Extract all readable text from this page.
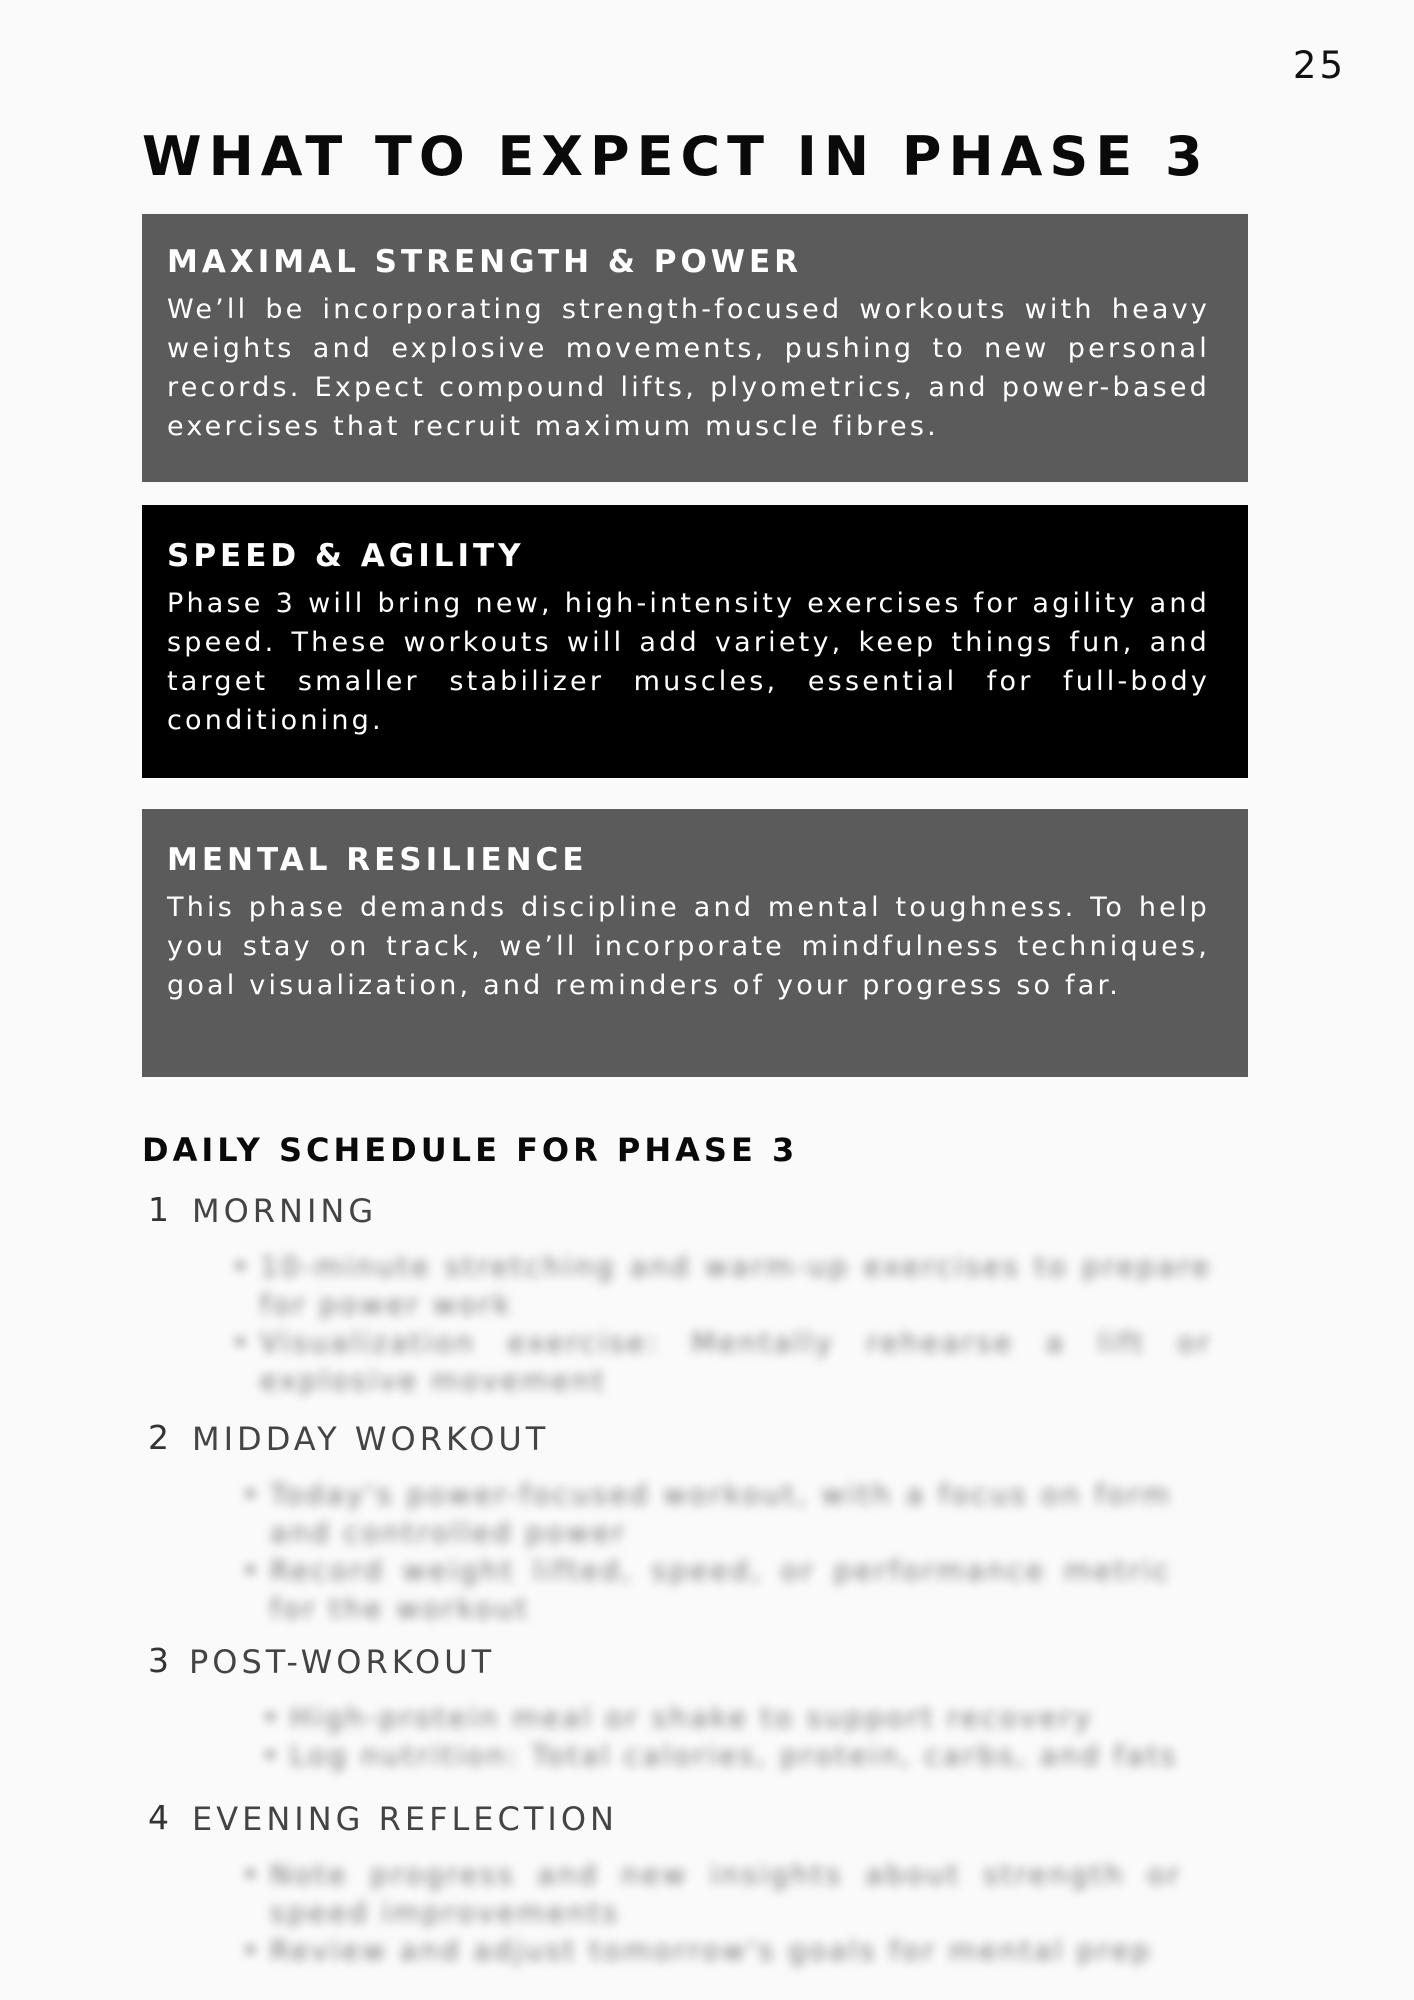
25
WHAT TO EXPECT IN PHASE 3
MAXIMAL STRENGTH & POWER

We’ll be incorporating strength-focused workouts with heavy weights and explosive movements, pushing to new personal records. Expect compound lifts, plyometrics, and power-based exercises that recruit maximum muscle fibres.

SPEED & AGILITY

Phase 3 will bring new, high-intensity exercises for agility and speed. These workouts will add variety, keep things fun, and target smaller stabilizer muscles, essential for full-body conditioning.

MENTAL RESILIENCE

This phase demands discipline and mental toughness. To help you stay on track, we’ll incorporate mindfulness techniques, goal visualization, and reminders of your progress so far.

DAILY SCHEDULE FOR PHASE 3
1 MORNING
• 10-minute stretching and warm-up exercises to prepare for power work
• Visualization exercise: Mentally rehearse a lift or explosive movement
2 MIDDAY WORKOUT
• Today's power-focused workout, with a focus on form and controlled power
• Record weight lifted, speed, or performance metric for the workout
3 POST-WORKOUT
• High-protein meal or shake to support recovery
• Log nutrition: Total calories, protein, carbs, and fats
4 EVENING REFLECTION
• Note progress and new insights about strength or speed improvements
• Review and adjust tomorrow's goals for mental prep
